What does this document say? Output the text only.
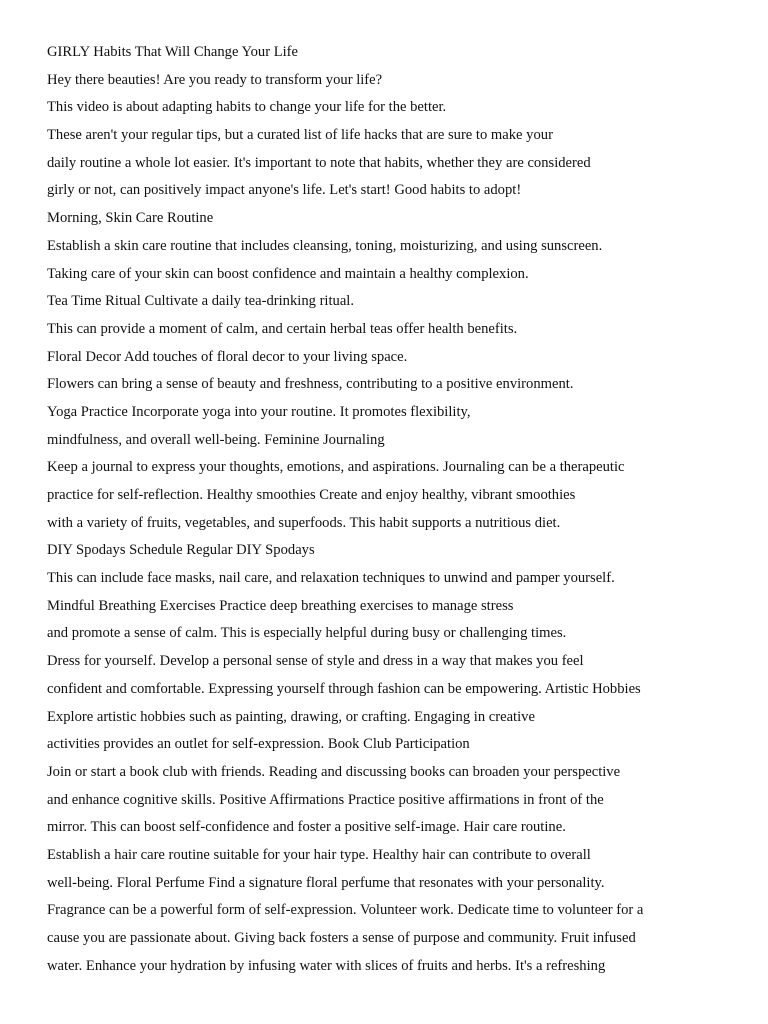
GIRLY Habits That Will Change Your Life
Hey there beauties! Are you ready to transform your life?
This video is about adapting habits to change your life for the better.
These aren't your regular tips, but a curated list of life hacks that are sure to make your
daily routine a whole lot easier. It's important to note that habits, whether they are considered
girly or not, can positively impact anyone's life. Let's start! Good habits to adopt!
Morning, Skin Care Routine
Establish a skin care routine that includes cleansing, toning, moisturizing, and using sunscreen.
Taking care of your skin can boost confidence and maintain a healthy complexion.
Tea Time Ritual Cultivate a daily tea-drinking ritual.
This can provide a moment of calm, and certain herbal teas offer health benefits.
Floral Decor Add touches of floral decor to your living space.
Flowers can bring a sense of beauty and freshness, contributing to a positive environment.
Yoga Practice Incorporate yoga into your routine. It promotes flexibility,
mindfulness, and overall well-being. Feminine Journaling
Keep a journal to express your thoughts, emotions, and aspirations. Journaling can be a therapeutic
practice for self-reflection. Healthy smoothies Create and enjoy healthy, vibrant smoothies
with a variety of fruits, vegetables, and superfoods. This habit supports a nutritious diet.
DIY Spodays Schedule Regular DIY Spodays
This can include face masks, nail care, and relaxation techniques to unwind and pamper yourself.
Mindful Breathing Exercises Practice deep breathing exercises to manage stress
and promote a sense of calm. This is especially helpful during busy or challenging times.
Dress for yourself. Develop a personal sense of style and dress in a way that makes you feel
confident and comfortable. Expressing yourself through fashion can be empowering. Artistic Hobbies
Explore artistic hobbies such as painting, drawing, or crafting. Engaging in creative
activities provides an outlet for self-expression. Book Club Participation
Join or start a book club with friends. Reading and discussing books can broaden your perspective
and enhance cognitive skills. Positive Affirmations Practice positive affirmations in front of the
mirror. This can boost self-confidence and foster a positive self-image. Hair care routine.
Establish a hair care routine suitable for your hair type. Healthy hair can contribute to overall
well-being. Floral Perfume Find a signature floral perfume that resonates with your personality.
Fragrance can be a powerful form of self-expression. Volunteer work. Dedicate time to volunteer for a
cause you are passionate about. Giving back fosters a sense of purpose and community. Fruit infused
water. Enhance your hydration by infusing water with slices of fruits and herbs. It's a refreshing
